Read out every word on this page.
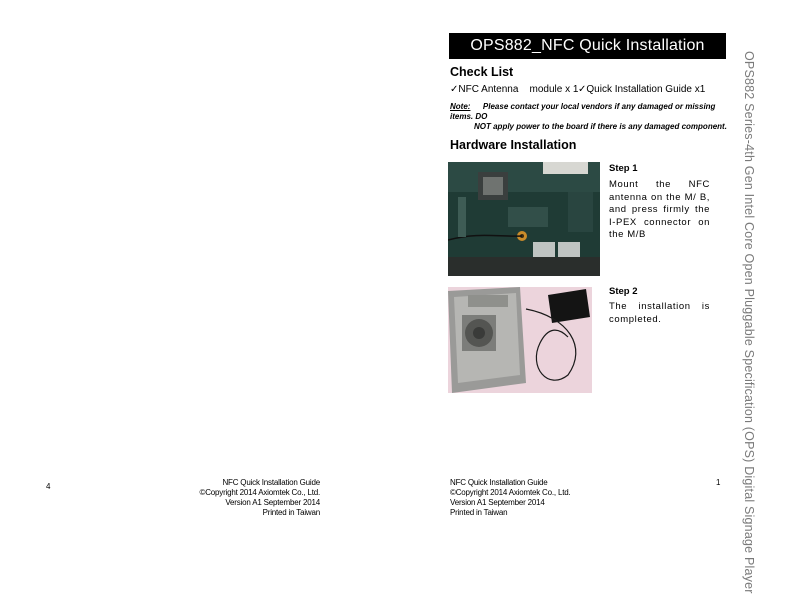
4	NFC Quick Installation Guide
©Copyright 2014 Axiomtek Co., Ltd.
Version A1 September 2014
Printed in Taiwan
OPS882_NFC Quick Installation Guide	OPS882 Series-4th Gen Intel Core Open Pluggable Specification (OPS) Digital Signage Player
Check List
✓NFC Antenna    module x 1 ✓Quick Installation Guide x1
Note: Please contact your local vendors if any damaged or missing items. DO
NOT apply power to the board if there is any damaged component.
Hardware Installation
Step 1
Mount the NFC antenna on the M/ B, and press firmly the I-PEX connector on the M/B
Step 2
The installation is completed.
NFC Quick Installation Guide
©Copyright 2014 Axiomtek Co., Ltd.
Version A1 September 2014
Printed in Taiwan
1
